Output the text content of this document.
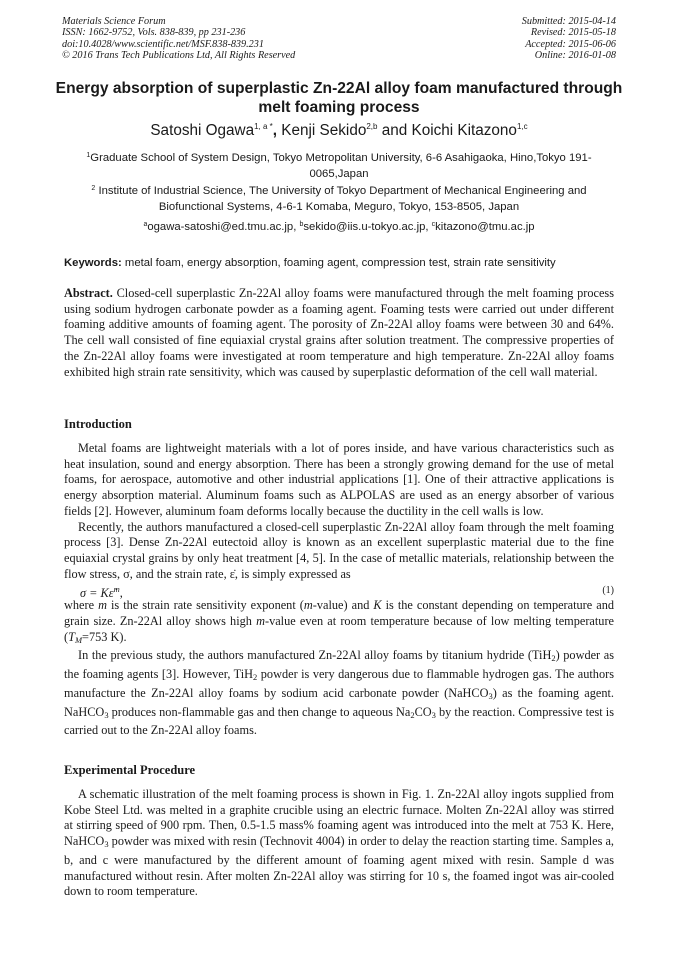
Materials Science Forum
ISSN: 1662-9752, Vols. 838-839, pp 231-236
doi:10.4028/www.scientific.net/MSF.838-839.231
© 2016 Trans Tech Publications Ltd, All Rights Reserved
Submitted: 2015-04-14
Revised: 2015-05-18
Accepted: 2015-06-06
Online: 2016-01-08
Energy absorption of superplastic Zn-22Al alloy foam manufactured through melt foaming process
Satoshi Ogawa$^{1, a *}$, Kenji Sekido$^{2,b}$ and Koichi Kitazono$^{1,c}$
$^1$Graduate School of System Design, Tokyo Metropolitan University, 6-6 Asahigaoka, Hino,Tokyo 191-0065,Japan
$^2$ Institute of Industrial Science, The University of Tokyo Department of Mechanical Engineering and Biofunctional Systems, 4-6-1 Komaba, Meguro, Tokyo, 153-8505, Japan
$^a$ogawa-satoshi@ed.tmu.ac.jp, $^b$sekido@iis.u-tokyo.ac.jp, $^c$kitazono@tmu.ac.jp
Keywords: metal foam, energy absorption, foaming agent, compression test, strain rate sensitivity

Abstract. Closed-cell superplastic Zn-22Al alloy foams were manufactured through the melt foaming process using sodium hydrogen carbonate powder as a foaming agent. Foaming tests were carried out under different foaming additive amounts of foaming agent. The porosity of Zn-22Al alloy foams were between 30 and 64%. The cell wall consisted of fine equiaxial crystal grains after solution treatment. The compressive properties of the Zn-22Al alloy foams were investigated at room temperature and high temperature. Zn-22Al alloy foams exhibited high strain rate sensitivity, which was caused by superplastic deformation of the cell wall material.

Introduction

Metal foams are lightweight materials with a lot of pores inside, and have various characteristics such as heat insulation, sound and energy absorption. There has been a strongly growing demand for the use of metal foams, for aerospace, automotive and other industrial applications [1]. One of their attractive applications is energy absorption material. Aluminum foams such as ALPOLAS are used as an energy absorber of various fields [2]. However, aluminum foam deforms locally because the ductility in the cell walls is low.

Recently, the authors manufactured a closed-cell superplastic Zn-22Al alloy foam through the melt foaming process [3]. Dense Zn-22Al eutectoid alloy is known as an excellent superplastic material due to the fine equiaxial crystal grains by only heat treatment [4, 5]. In the case of metallic materials, relationship between the flow stress, σ, and the strain rate, ε̇, is simply expressed as

σ = Kε̇$^m$,	(1)

where m is the strain rate sensitivity exponent (m-value) and K is the constant depending on temperature and grain size. Zn-22Al alloy shows high m-value even at room temperature because of low melting temperature ($T_M=753$ K).

In the previous study, the authors manufactured Zn-22Al alloy foams by titanium hydride (TiH$_2$) powder as the foaming agents [3]. However, TiH$_2$ powder is very dangerous due to flammable hydrogen gas. The authors manufacture the Zn-22Al alloy foams by sodium acid carbonate powder (NaHCO$_3$) as the foaming agent. NaHCO$_3$ produces non-flammable gas and then change to aqueous $Na_2CO_3$ by the reaction. Compressive test is carried out to the Zn-22Al alloy foams.

Experimental Procedure

A schematic illustration of the melt foaming process is shown in Fig. 1. Zn-22Al alloy ingots supplied from Kobe Steel Ltd. was melted in a graphite crucible using an electric furnace. Molten Zn-22Al alloy was stirred at stirring speed of 900 rpm. Then, 0.5-1.5 mass% foaming agent was introduced into the melt at 753 K. Here, NaHCO$_3$ powder was mixed with resin (Technovit 4004) in order to delay the reaction starting time. Samples a, b, and c were manufactured by the different amount of foaming agent mixed with resin. Sample d was manufactured without resin. After molten Zn-22Al alloy was stirring for 10 s, the foamed ingot was air-cooled down to room temperature.
